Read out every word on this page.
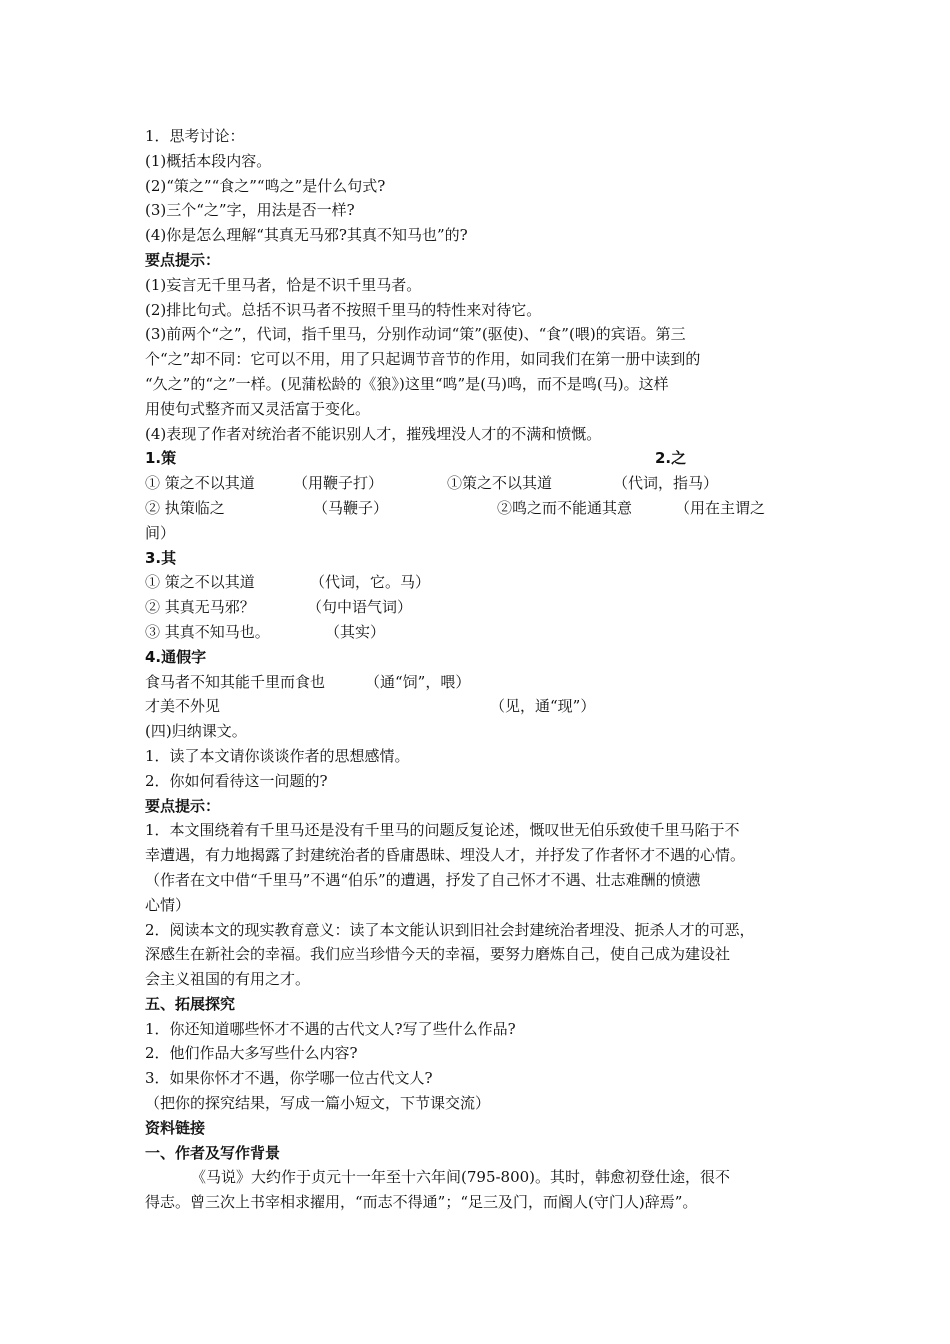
1．思考讨论：
(1)概括本段内容。
(2)“策之”“食之”“鸣之”是什么句式?
(3)三个“之”字，用法是否一样?
(4)你是怎么理解“其真无马邪?其真不知马也”的?
要点提示：
(1)妄言无千里马者，恰是不识千里马者。
(2)排比句式。总括不识马者不按照千里马的特性来对待它。
(3)前两个“之”，代词，指千里马，分别作动词“策”(驱使)、“食”(喂)的宾语。第三
个“之”却不同：它可以不用，用了只起调节音节的作用，如同我们在第一册中读到的
“久之”的“之”一样。(见蒲松龄的《狼》)这里“鸣”是(马)鸣，而不是鸣(马)。这样
用使句式整齐而又灵活富于变化。
(4)表现了作者对统治者不能识别人才，摧残埋没人才的不满和愤慨。
1.策	2.之
① 策之不以其道	（用鞭子打）	①策之不以其道	（代词，指马）
② 执策临之	（马鞭子）	②鸣之而不能通其意	（用在主谓之
间）
3.其
① 策之不以其道	（代词，它。马）
② 其真无马邪？	（句中语气词）
③ 其真不知马也。	（其实）
4.通假字
食马者不知其能千里而食也	（通“饲”，喂）
才美不外见	（见，通“现”）
(四)归纳课文。
1．读了本文请你谈谈作者的思想感情。
2．你如何看待这一问题的?
要点提示：
1．本文围绕着有千里马还是没有千里马的问题反复论述，慨叹世无伯乐致使千里马陷于不
幸遭遇，有力地揭露了封建统治者的昏庸愚昧、埋没人才，并抒发了作者怀才不遇的心情。
（作者在文中借“千里马”不遇“伯乐”的遭遇，抒发了自己怀才不遇、壮志难酬的愤懑
心情）
2．阅读本文的现实教育意义：读了本文能认识到旧社会封建统治者埋没、扼杀人才的可恶，
深感生在新社会的幸福。我们应当珍惜今天的幸福，要努力磨炼自己，使自己成为建设社
会主义祖国的有用之才。
五、拓展探究
1．你还知道哪些怀才不遇的古代文人?写了些什么作品?
2．他们作品大多写些什么内容?
3．如果你怀才不遇，你学哪一位古代文人?
（把你的探究结果，写成一篇小短文，下节课交流）
资料链接
一、作者及写作背景
《马说》大约作于贞元十一年至十六年间(795-800)。其时，韩愈初登仕途，很不
得志。曾三次上书宰相求擢用，“而志不得通”；“足三及门，而阍人(守门人)辞焉”。
